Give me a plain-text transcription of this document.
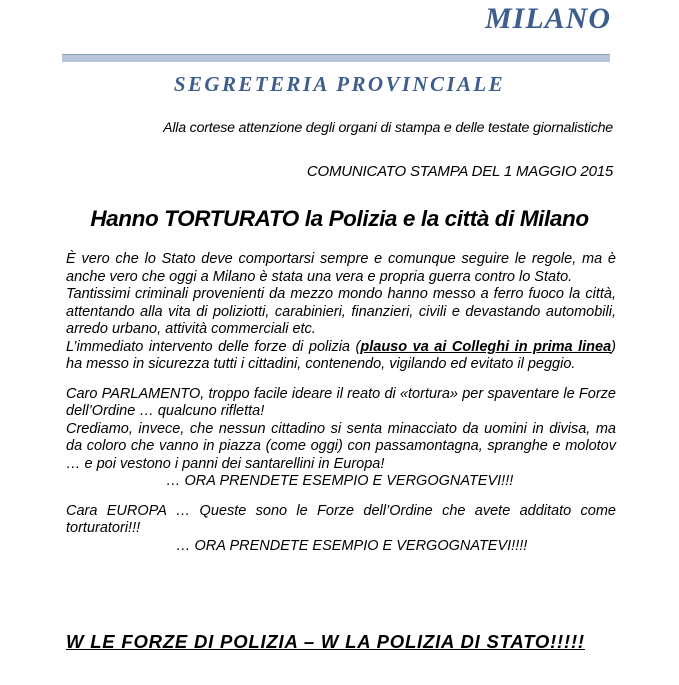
MILANO
SEGRETERIA PROVINCIALE

Alla cortese attenzione degli organi di stampa e delle testate giornalistiche

COMUNICATO STAMPA DEL 1 MAGGIO 2015

Hanno TORTURATO la Polizia e la città di Milano

È vero che lo Stato deve comportarsi sempre e comunque seguire le regole, ma è anche vero che oggi a Milano è stata una vera e propria guerra contro lo Stato.

Tantissimi criminali provenienti da mezzo mondo hanno messo a ferro fuoco la città, attentando alla vita di poliziotti, carabinieri, finanzieri, civili e devastando automobili, arredo urbano, attività commerciali etc.

L’immediato intervento delle forze di polizia (plauso va ai Colleghi in prima linea) ha messo in sicurezza tutti i cittadini, contenendo, vigilando ed evitato il peggio.

Caro PARLAMENTO, troppo facile ideare il reato di «tortura» per spaventare le Forze dell’Ordine … qualcuno rifletta!

Crediamo, invece, che nessun cittadino si senta minacciato da uomini in divisa, ma da coloro che vanno in piazza (come oggi) con passamontagna, spranghe e molotov … e poi vestono i panni dei santarellini in Europa!

… ORA PRENDETE ESEMPIO E VERGOGNATEVI!!!

Cara EUROPA … Queste sono le Forze dell’Ordine che avete additato come torturatori!!!

… ORA PRENDETE ESEMPIO E VERGOGNATEVI!!!!

W LE FORZE DI POLIZIA – W LA POLIZIA DI STATO!!!!!
